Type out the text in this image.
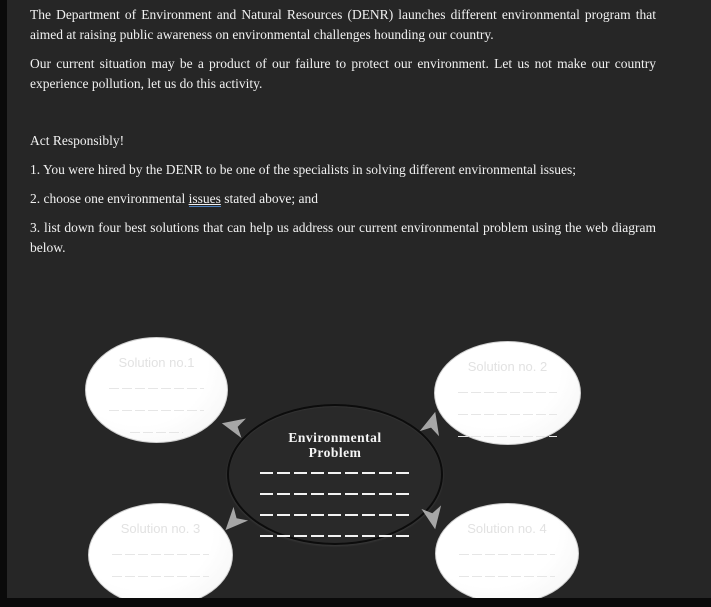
The Department of Environment and Natural Resources (DENR) launches different environmental program that aimed at raising public awareness on environmental challenges hounding our country.

Our current situation may be a product of our failure to protect our environment. Let us not make our country experience pollution, let us do this activity.

Act Responsibly!

1. You were hired by the DENR to be one of the specialists in solving different environmental issues;

2. choose one environmental issues stated above; and

3. list down four best solutions that can help us address our current environmental problem using the web diagram below.

Solution no.1	Solution no. 2
Solution no. 3	Solution no. 4
Environmental
Problem
